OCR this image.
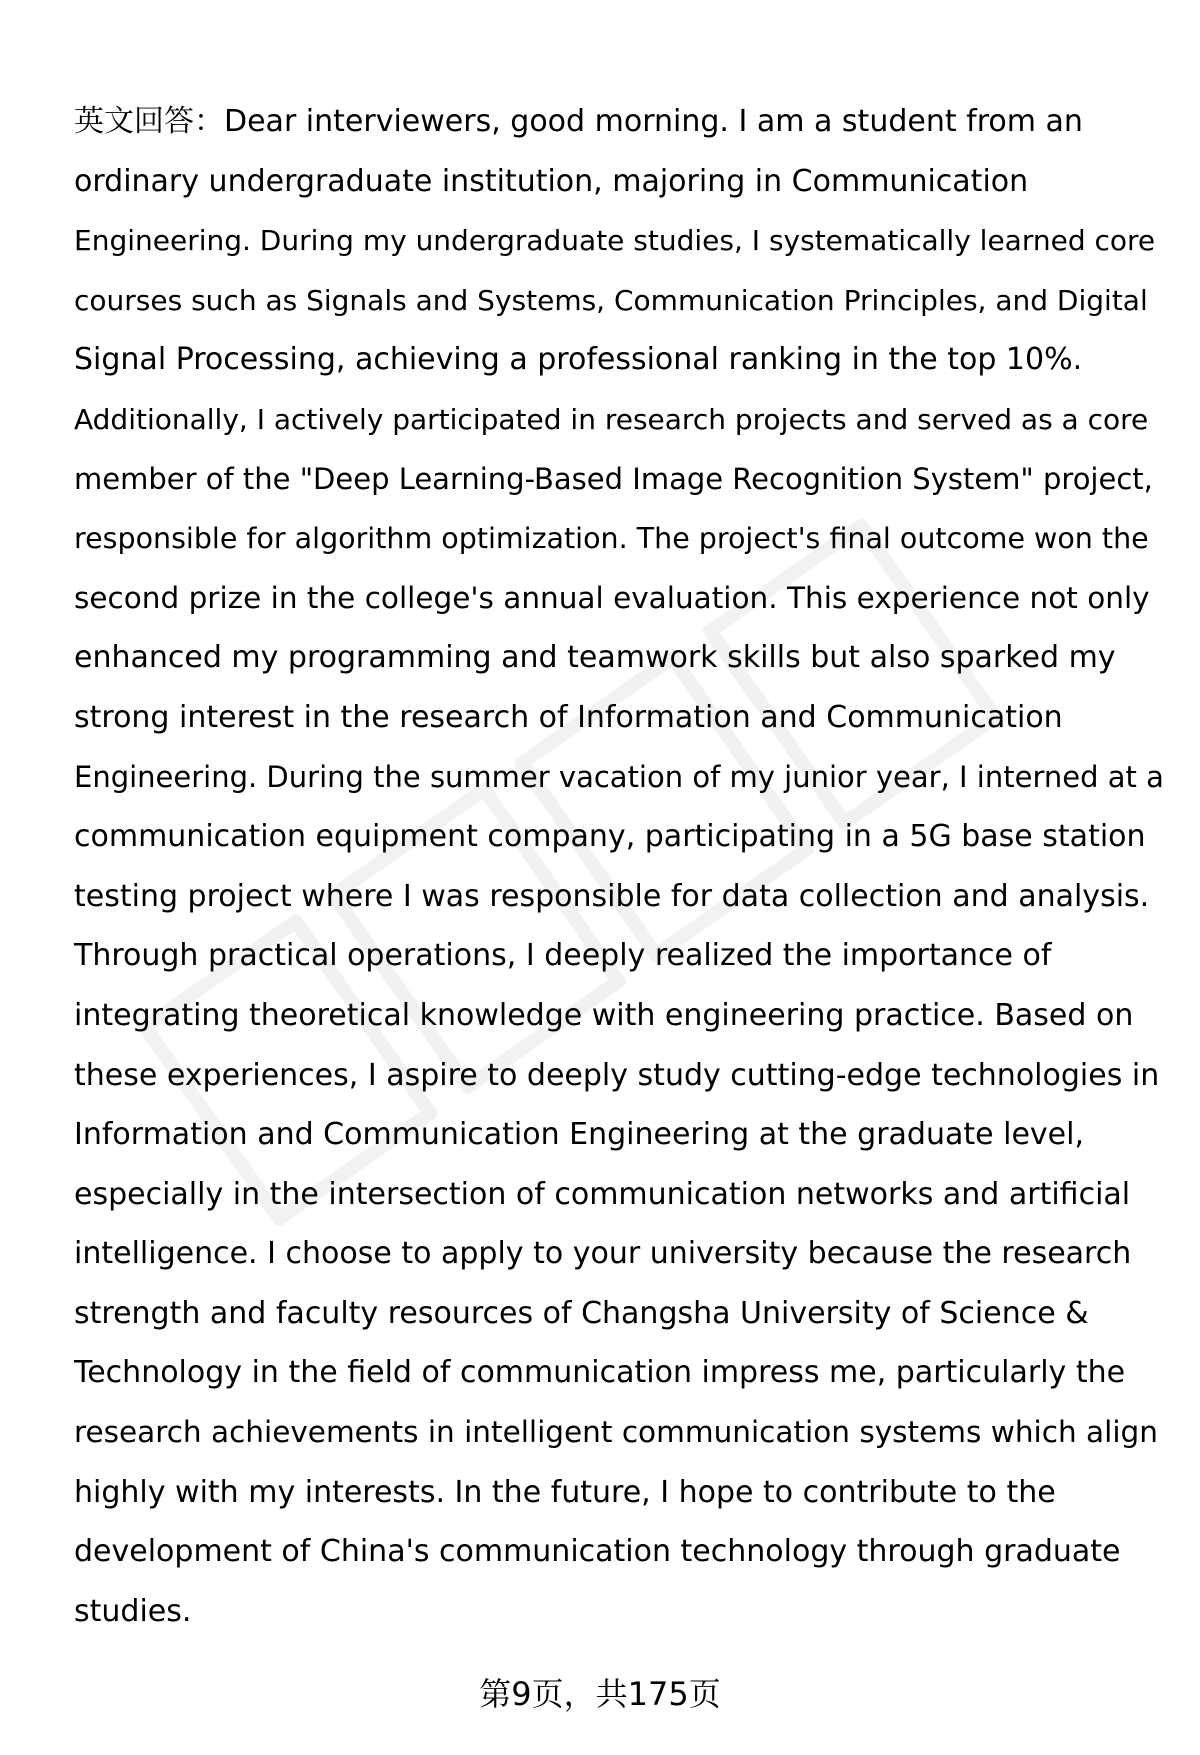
英文回答：Dear interviewers, good morning. I am a student from an
ordinary undergraduate institution, majoring in Communication
Engineering. During my undergraduate studies, I systematically learned core
courses such as Signals and Systems, Communication Principles, and Digital
Signal Processing, achieving a professional ranking in the top 10%.
Additionally, I actively participated in research projects and served as a core
member of the "Deep Learning-Based Image Recognition System" project,
responsible for algorithm optimization. The project's final outcome won the
second prize in the college's annual evaluation. This experience not only
enhanced my programming and teamwork skills but also sparked my
strong interest in the research of Information and Communication
Engineering. During the summer vacation of my junior year, I interned at a
communication equipment company, participating in a 5G base station
testing project where I was responsible for data collection and analysis.
Through practical operations, I deeply realized the importance of
integrating theoretical knowledge with engineering practice. Based on
these experiences, I aspire to deeply study cutting-edge technologies in
Information and Communication Engineering at the graduate level,
especially in the intersection of communication networks and artificial
intelligence. I choose to apply to your university because the research
strength and faculty resources of Changsha University of Science &
Technology in the field of communication impress me, particularly the
research achievements in intelligent communication systems which align
highly with my interests. In the future, I hope to contribute to the
development of China's communication technology through graduate
studies.
第9页，共175页
